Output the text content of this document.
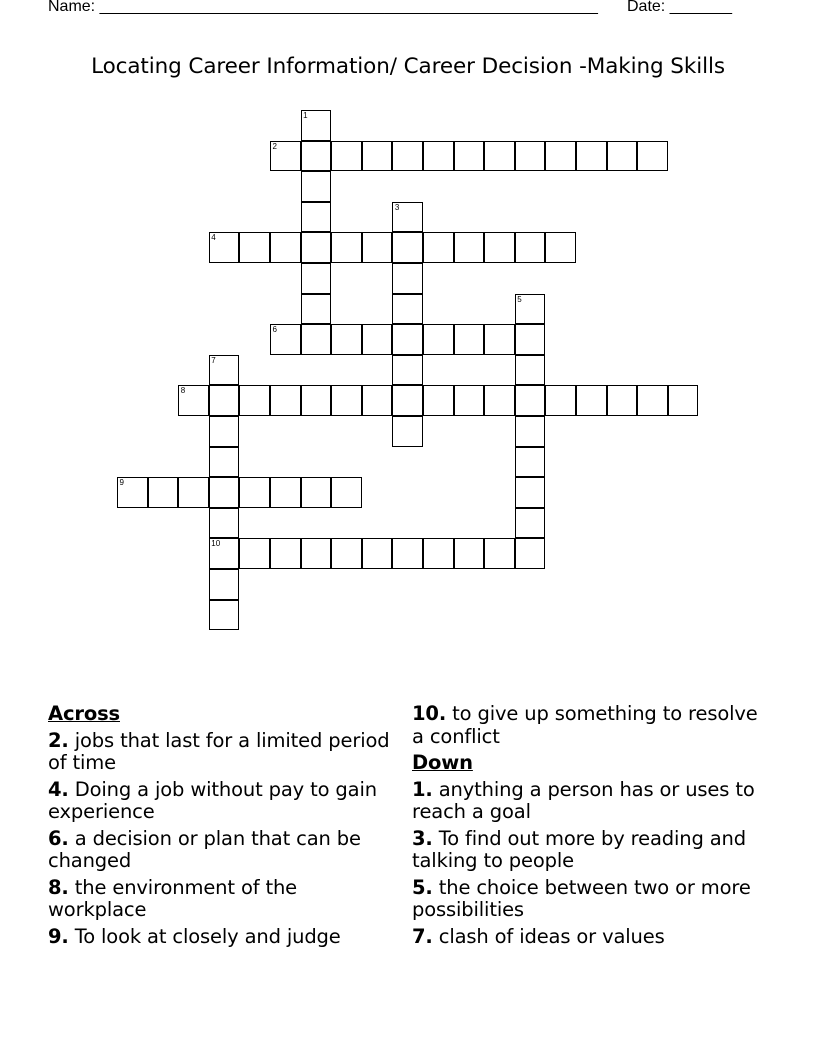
Name: ________________________________________________________ Date: _______
Locating Career Information/ Career Decision -Making Skills
1
2
3
4
5
6
7
10
8
9
Across
2. jobs that last for a limited period of time
4. Doing a job without pay to gain experience
6. a decision or plan that can be changed
8. the environment of the workplace
9. To look at closely and judge
10. to give up something to resolve a conflict
Down
1. anything a person has or uses to reach a goal
3. To find out more by reading and talking to people
5. the choice between two or more possibilities
7. clash of ideas or values
